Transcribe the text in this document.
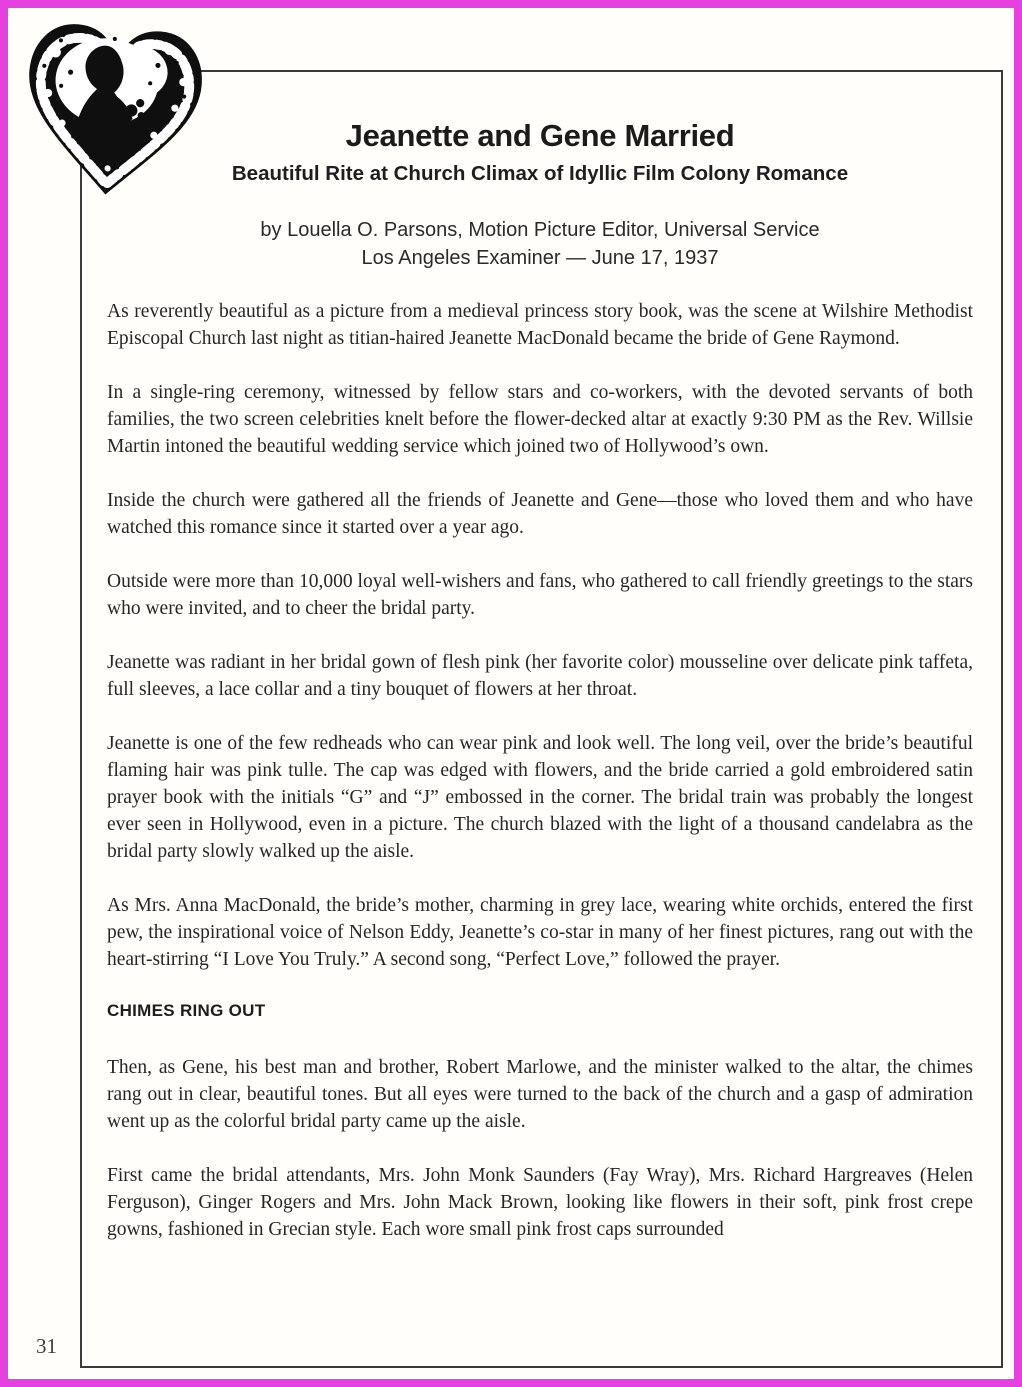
Jeanette and Gene Married
Beautiful Rite at Church Climax of Idyllic Film Colony Romance
by Louella O. Parsons, Motion Picture Editor, Universal Service
Los Angeles Examiner — June 17, 1937

As reverently beautiful as a picture from a medieval princess story book, was the scene at Wilshire Methodist Episcopal Church last night as titian-haired Jeanette MacDonald became the bride of Gene Raymond.

In a single-ring ceremony, witnessed by fellow stars and co-workers, with the devoted servants of both families, the two screen celebrities knelt before the flower-decked altar at exactly 9:30 PM as the Rev. Willsie Martin intoned the beautiful wedding service which joined two of Hollywood’s own.

Inside the church were gathered all the friends of Jeanette and Gene—those who loved them and who have watched this romance since it started over a year ago.

Outside were more than 10,000 loyal well-wishers and fans, who gathered to call friendly greetings to the stars who were invited, and to cheer the bridal party.

Jeanette was radiant in her bridal gown of flesh pink (her favorite color) mousseline over delicate pink taffeta, full sleeves, a lace collar and a tiny bouquet of flowers at her throat.

Jeanette is one of the few redheads who can wear pink and look well. The long veil, over the bride’s beautiful flaming hair was pink tulle. The cap was edged with flowers, and the bride carried a gold embroidered satin prayer book with the initials “G” and “J” embossed in the corner. The bridal train was probably the longest ever seen in Hollywood, even in a picture. The church blazed with the light of a thousand candelabra as the bridal party slowly walked up the aisle.

As Mrs. Anna MacDonald, the bride’s mother, charming in grey lace, wearing white orchids, entered the first pew, the inspirational voice of Nelson Eddy, Jeanette’s co-star in many of her finest pictures, rang out with the heart-stirring “I Love You Truly.” A second song, “Perfect Love,” followed the prayer.

CHIMES RING OUT

Then, as Gene, his best man and brother, Robert Marlowe, and the minister walked to the altar, the chimes rang out in clear, beautiful tones. But all eyes were turned to the back of the church and a gasp of admiration went up as the colorful bridal party came up the aisle.

First came the bridal attendants, Mrs. John Monk Saunders (Fay Wray), Mrs. Richard Hargreaves (Helen Ferguson), Ginger Rogers and Mrs. John Mack Brown, looking like flowers in their soft, pink frost crepe gowns, fashioned in Grecian style. Each wore small pink frost caps surrounded

31
